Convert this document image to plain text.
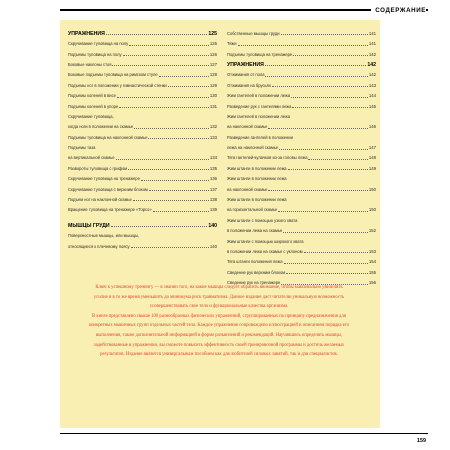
СОДЕРЖАНИЕ
УПРАЖНЕНИЯ	125
Скручивание туловища на полу	125
Подъемы туловища на полу	126
Боковые наклоны стоя	127
Боковые подъемы туловища на римском стуле	128
Подъемы ног в положении у гимнастической стенки	129
Подъемы коленей в висе	130
Подъемы коленей в упоре	131
Скручивание туловища,
когда ноги в положении на скамье	132
Подъемы туловища на наклонной скамье	133
Подъемы таза
на вертикальной скамье	134
Развороты туловища с грифом	135
Скручивание туловища на тренажере	136
Скручивание туловища с верхним блоком	137
Подъем ног на наклонной скамье	138
Вращение туловища на тренажере «Торсо»	139
МЫШЦЫ ГРУДИ	140
Поверхностные мышцы, или мышцы,
относящиеся к плечевому поясу	140
Собственные мышцы груди	141
Тяжи	141
Подъемы туловища на тренажере	142
УПРАЖНЕНИЯ	142
Отжимания от пола	142
Отжимания на брусьях	143
Жим гантелей в положении лежа	144
Разведение рук с гантелями лежа	145
Жим гантелей в положении лежа
на наклонной скамье	146
Разведение гантелей в положении
лежа на наклонной скамье	147
Тяга гантелей-кулачков из-за головы лежа	148
Жим штанги в положении лежа	149
Жим штанги в положении лежа
на наклонной скамье	150
Жим штанги в положении лежа
на горизонтальной скамье	150
Жим штанги с помощью узкого хвата
в положении лежа на скамье	152
Жим штанги с помощью широкого хвата
в положении лежа на скамье с уклоном	153
Тяга штанги положения лежа	154
Сведение рук верхним блоком	155
Сведение рук на тренажере	156

Ключ к успешному тренингу — в знании того, на какие мышцы следует обратить внимание, чтобы максимально увеличить усилие и в то же время уменьшить до минимума риск травматизма. Данное издание даст читателю уникальную возможность усовершенствовать свое тело и функциональные качества организма.

В книге представлено свыше 100 разнообразных физических упражнений, сгруппированных по принципу предназначения для конкретных мышечных групп отдельных частей тела. Каждое упражнение сопровождено иллюстрацией и описанием порядка его выполнения, также дополнительной информацией в форме разъяснений и рекомендаций. Научившись определять мышцы, задействованные в упражнении, вы сможете повысить эффективность своей тренировочной программы и достичь желаемых результатов. Издание является универсальным пособием как для любителей силовых занятий, так и для специалистов.

159
